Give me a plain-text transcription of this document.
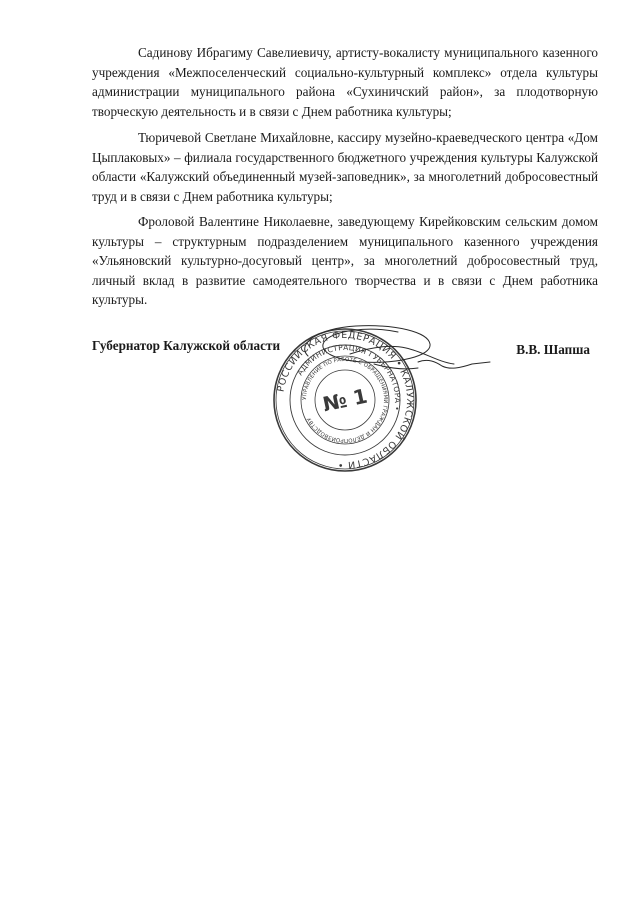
Садинову Ибрагиму Савелиевичу, артисту-вокалисту муниципального казенного учреждения «Межпоселенческий социально-культурный комплекс» отдела культуры администрации муниципального района «Сухиничский район», за плодотворную творческую деятельность и в связи с Днем работника культуры;

Тюричевой Светлане Михайловне, кассиру музейно-краеведческого центра «Дом Цыплаковых» – филиала государственного бюджетного учреждения культуры Калужской области «Калужский объединенный музей-заповедник», за многолетний добросовестный труд и в связи с Днем работника культуры;

Фроловой Валентине Николаевне, заведующему Кирейковским сельским домом культуры – структурным подразделением муниципального казенного учреждения «Ульяновский культурно-досуговый центр», за многолетний добросовестный труд, личный вклад в развитие самодеятельного творчества и в связи с Днем работника культуры.

Губернатор Калужской области	В.В. Шапша
РОССИЙСКАЯ ФЕДЕРАЦИЯ • КАЛУЖСКОЙ ОБЛАСТИ •
АДМИНИСТРАЦИЯ ГУБЕРНАТОРА •
УПРАВЛЕНИЕ ПО РАБОТЕ С ОБРАЩЕНИЯМИ ГРАЖДАН И ДЕЛОПРОИЗВОДСТВУ
№ 1
